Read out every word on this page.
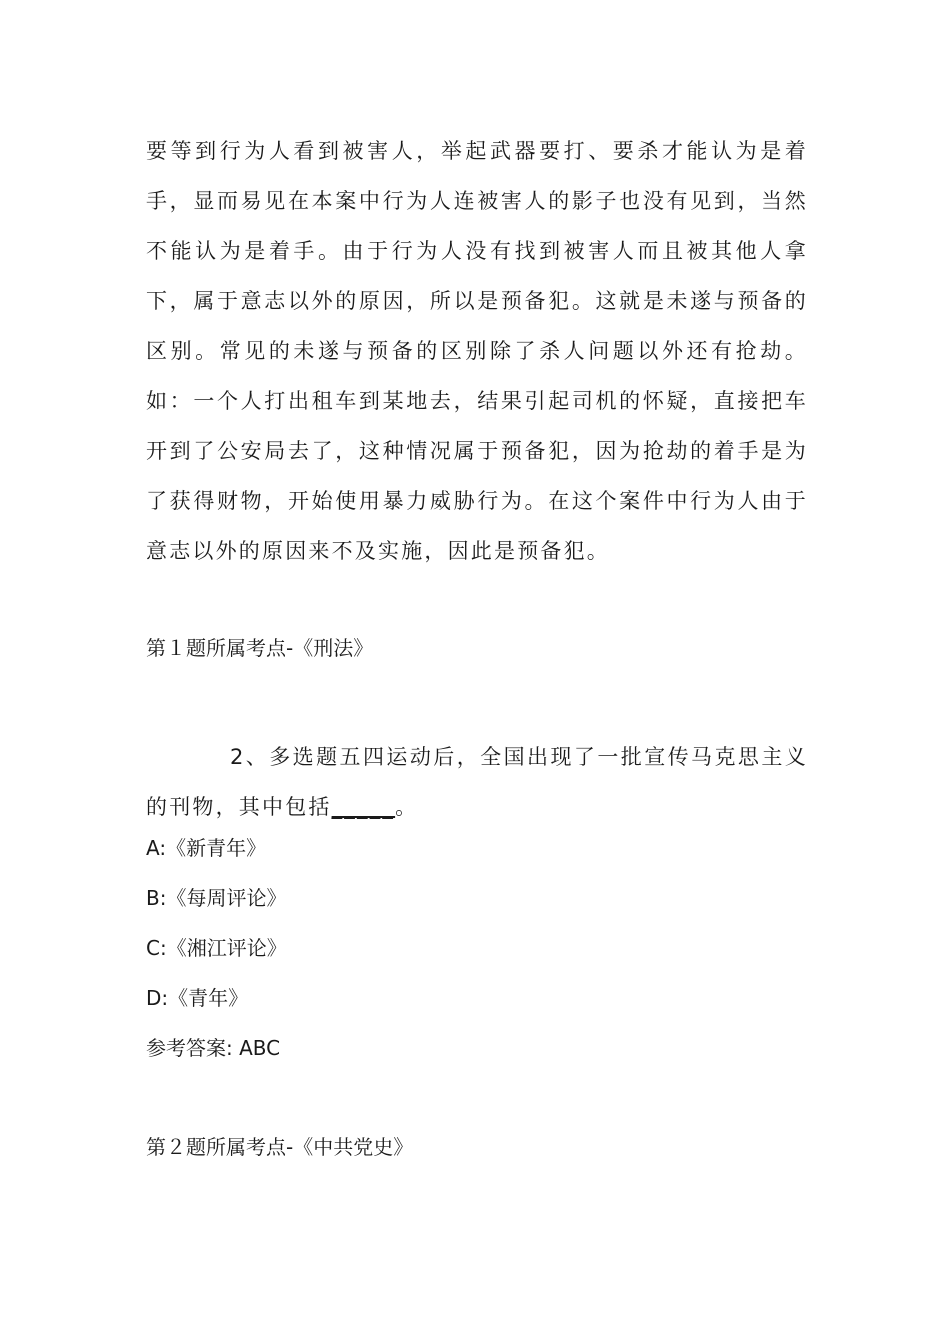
要等到行为人看到被害人，举起武器要打、要杀才能认为是着手，显而易见在本案中行为人连被害人的影子也没有见到，当然不能认为是着手。由于行为人没有找到被害人而且被其他人拿下，属于意志以外的原因，所以是预备犯。这就是未遂与预备的区别。常见的未遂与预备的区别除了杀人问题以外还有抢劫。如：一个人打出租车到某地去，结果引起司机的怀疑，直接把车开到了公安局去了，这种情况属于预备犯，因为抢劫的着手是为了获得财物，开始使用暴力威胁行为。在这个案件中行为人由于意志以外的原因来不及实施，因此是预备犯。
第１题所属考点-《刑法》
2、多选题五四运动后，全国出现了一批宣传马克思主义的刊物，其中包括_____。
A:《新青年》
B:《每周评论》
C:《湘江评论》
D:《青年》
参考答案: ABC
第２题所属考点-《中共党史》
